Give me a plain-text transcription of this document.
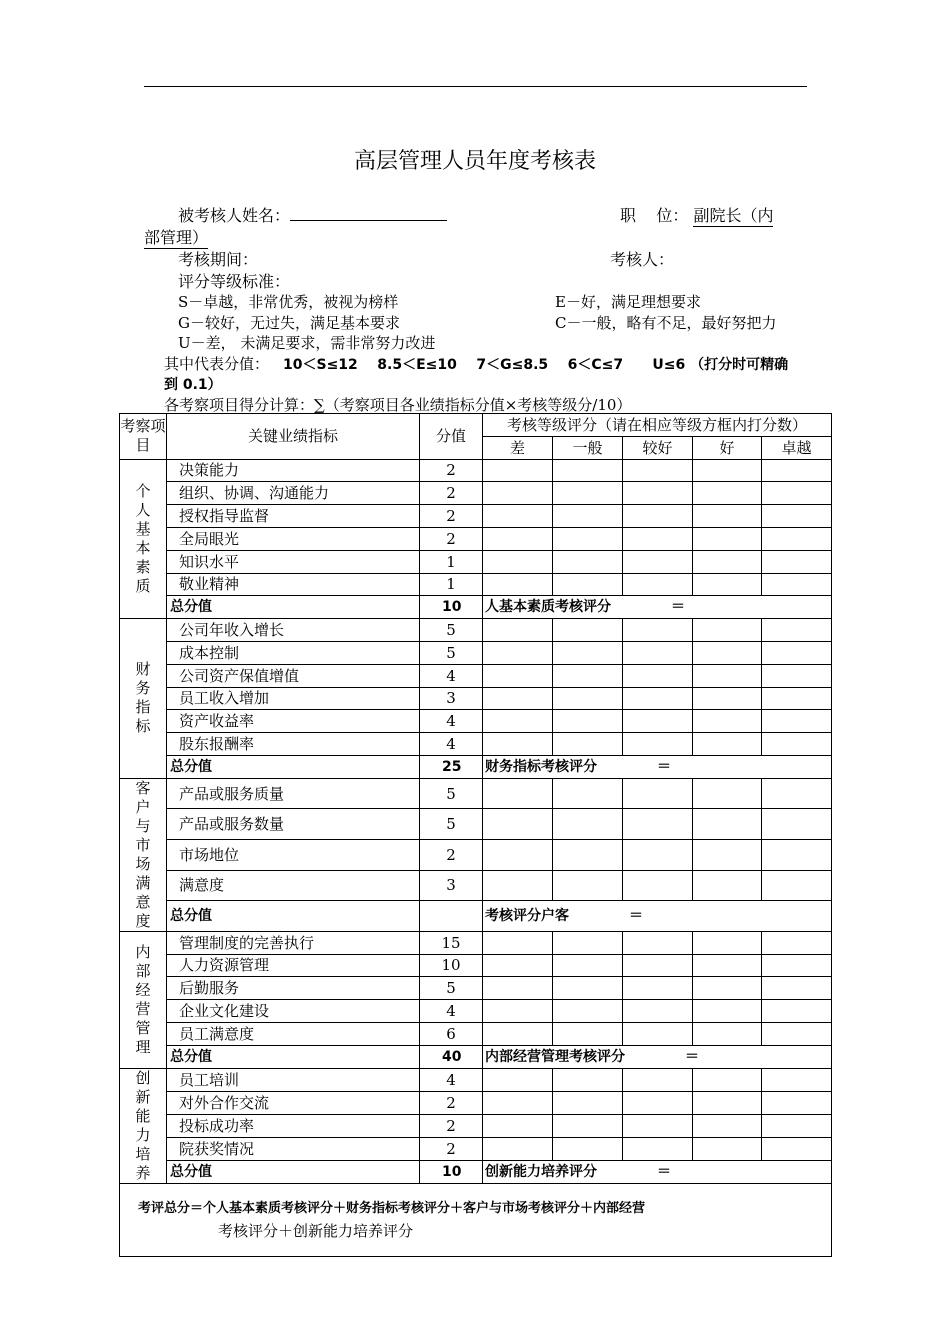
高层管理人员年度考核表
被考核人姓名：	职    位： 副院长（内
部管理）
考核期间：	考核人：
评分等级标准：
S－卓越，非常优秀，被视为榜样	E－好，满足理想要求
G－较好，无过失，满足基本要求	C－一般，略有不足，最好努把力
U－差， 未满足要求，需非常努力改进
其中代表分值： 10＜S≤12    8.5＜E≤10    7＜G≤8.5    6＜C≤7      U≤6 （打分时可精确
到 0.1）
各考察项目得分计算：∑（考察项目各业绩指标分值×考核等级分/10）
考察项目	关键业绩指标	分值	考核等级评分（请在相应等级方框内打分数）				
			差	一般	较好	好	卓越

个人基本素质	决策能力	2					
	组织、协调、沟通能力	2					
	授权指导监督	2					
	全局眼光	2					
	知识水平	1					
	敬业精神	1					
	总分值	10	人基本素质考核评分 ＝				

财务指标	公司年收入增长	5					
	成本控制	5					
	公司资产保值增值	4					
	员工收入增加	3					
	资产收益率	4					
	股东报酬率	4					
	总分值	25	财务指标考核评分 ＝				

客户与市场满意度	产品或服务质量	5					
	产品或服务数量	5					
	市场地位	2					
	满意度	3					
	总分值		考核评分户客 ＝				

内部经营管理	管理制度的完善执行	15					
	人力资源管理	10					
	后勤服务	5					
	企业文化建设	4					
	员工满意度	6					
	总分值	40	内部经营管理考核评分 ＝				

创新能力培养	员工培训	4					
	对外合作交流	2					
	投标成功率	2					
	院获奖情况	2					
	总分值	10	创新能力培养评分 ＝				

考评总分＝个人基本素质考核评分＋财务指标考核评分＋客户与市场考核评分＋内部经营
考核评分＋创新能力培养评分							
